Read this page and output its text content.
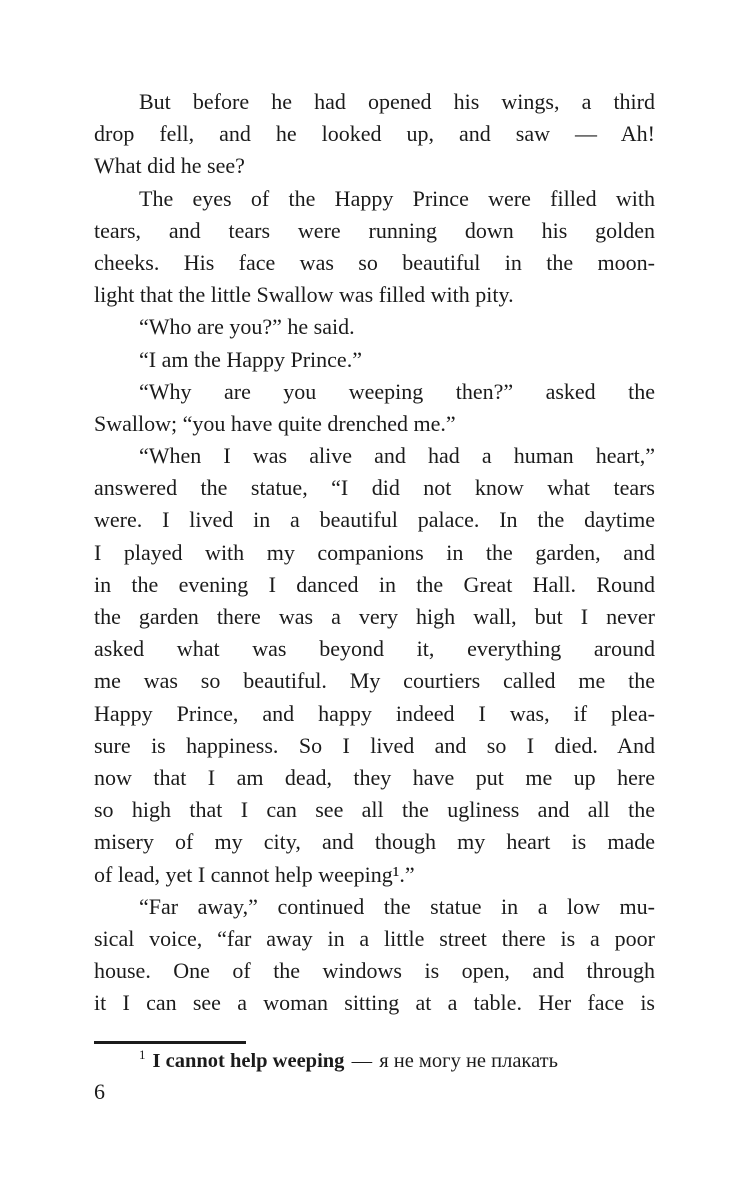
But before he had opened his wings, a third
drop fell, and he looked up, and saw — Ah!
What did he see?
The eyes of the Happy Prince were filled with
tears, and tears were running down his golden
cheeks. His face was so beautiful in the moon-
light that the little Swallow was filled with pity.
“Who are you?” he said.
“I am the Happy Prince.”
“Why are you weeping then?” asked the
Swallow; “you have quite drenched me.”
“When I was alive and had a human heart,”
answered the statue, “I did not know what tears
were. I lived in a beautiful palace. In the daytime
I played with my companions in the garden, and
in the evening I danced in the Great Hall. Round
the garden there was a very high wall, but I never
asked what was beyond it, everything around
me was so beautiful. My courtiers called me the
Happy Prince, and happy indeed I was, if plea-
sure is happiness. So I lived and so I died. And
now that I am dead, they have put me up here
so high that I can see all the ugliness and all the
misery of my city, and though my heart is made
of lead, yet I cannot help weeping¹.”
“Far away,” continued the statue in a low mu-
sical voice, “far away in a little street there is a poor
house. One of the windows is open, and through
it I can see a woman sitting at a table. Her face is
$^1$ I cannot help weeping — я не могу не плакать
6
